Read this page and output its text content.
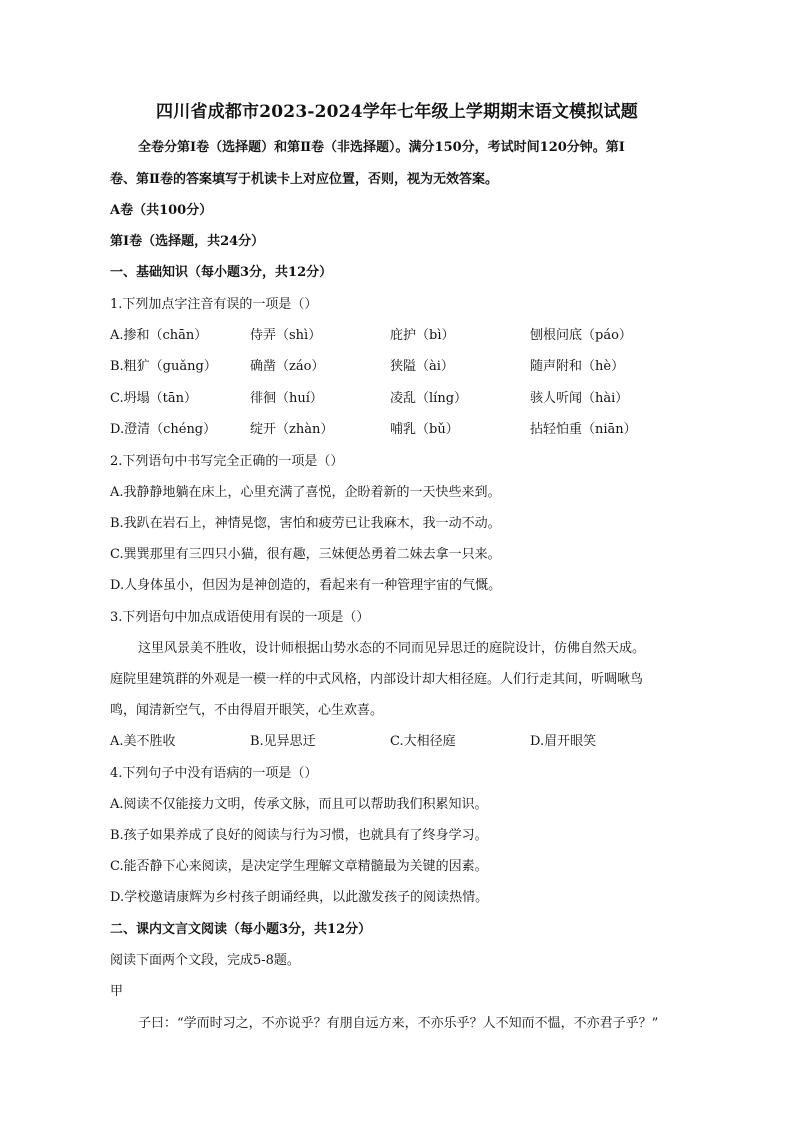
四川省成都市2023-2024学年七年级上学期期末语文模拟试题
全卷分第Ⅰ卷（选择题）和第Ⅱ卷（非选择题）。满分150分，考试时间120分钟。第Ⅰ
卷、第Ⅱ卷的答案填写于机读卡上对应位置，否则，视为无效答案。
A卷（共100分）
第Ⅰ卷（选择题，共24分）
一、基础知识（每小题3分，共12分）
1.下列加点字注音有误的一项是（）
A.掺和（chān）	侍弄（shì）	庇护（bì）	刨根问底（páo）
B.粗犷（guǎng）	确凿（záo）	狭隘（ài）	随声附和（hè）
C.坍塌（tān）	徘徊（huí）	凌乱（líng）	骇人听闻（hài）
D.澄清（chéng）	绽开（zhàn）	哺乳（bǔ）	拈轻怕重（niān）
2.下列语句中书写完全正确的一项是（）
A.我静静地躺在床上，心里充满了喜悦，企盼着新的一天快些来到。
B.我趴在岩石上，神情晃惚，害怕和疲劳已让我麻木，我一动不动。
C.巽巽那里有三四只小猫，很有趣，三妹便怂勇着二妹去拿一只来。
D.人身体虽小，但因为是神创造的，看起来有一种管理宇宙的气慨。
3.下列语句中加点成语使用有误的一项是（）
这里风景美不胜收，设计师根据山势水态的不同而见异思迁的庭院设计，仿佛自然天成。
庭院里建筑群的外观是一模一样的中式风格，内部设计却大相径庭。人们行走其间，听啁啾鸟
鸣，闻清新空气，不由得眉开眼笑，心生欢喜。
A.美不胜收	B.见异思迁	C.大相径庭	D.眉开眼笑
4.下列句子中没有语病的一项是（）
A.阅读不仅能接力文明，传承文脉，而且可以帮助我们积累知识。
B.孩子如果养成了良好的阅读与行为习惯，也就具有了终身学习。
C.能否静下心来阅读，是决定学生理解文章精髓最为关键的因素。
D.学校邀请康辉为乡村孩子朗诵经典，以此激发孩子的阅读热情。
二、课内文言文阅读（每小题3分，共12分）
阅读下面两个文段，完成5-8题。
甲
子曰：“学而时习之，不亦说乎？有朋自远方来，不亦乐乎？人不知而不愠，不亦君子乎？”
